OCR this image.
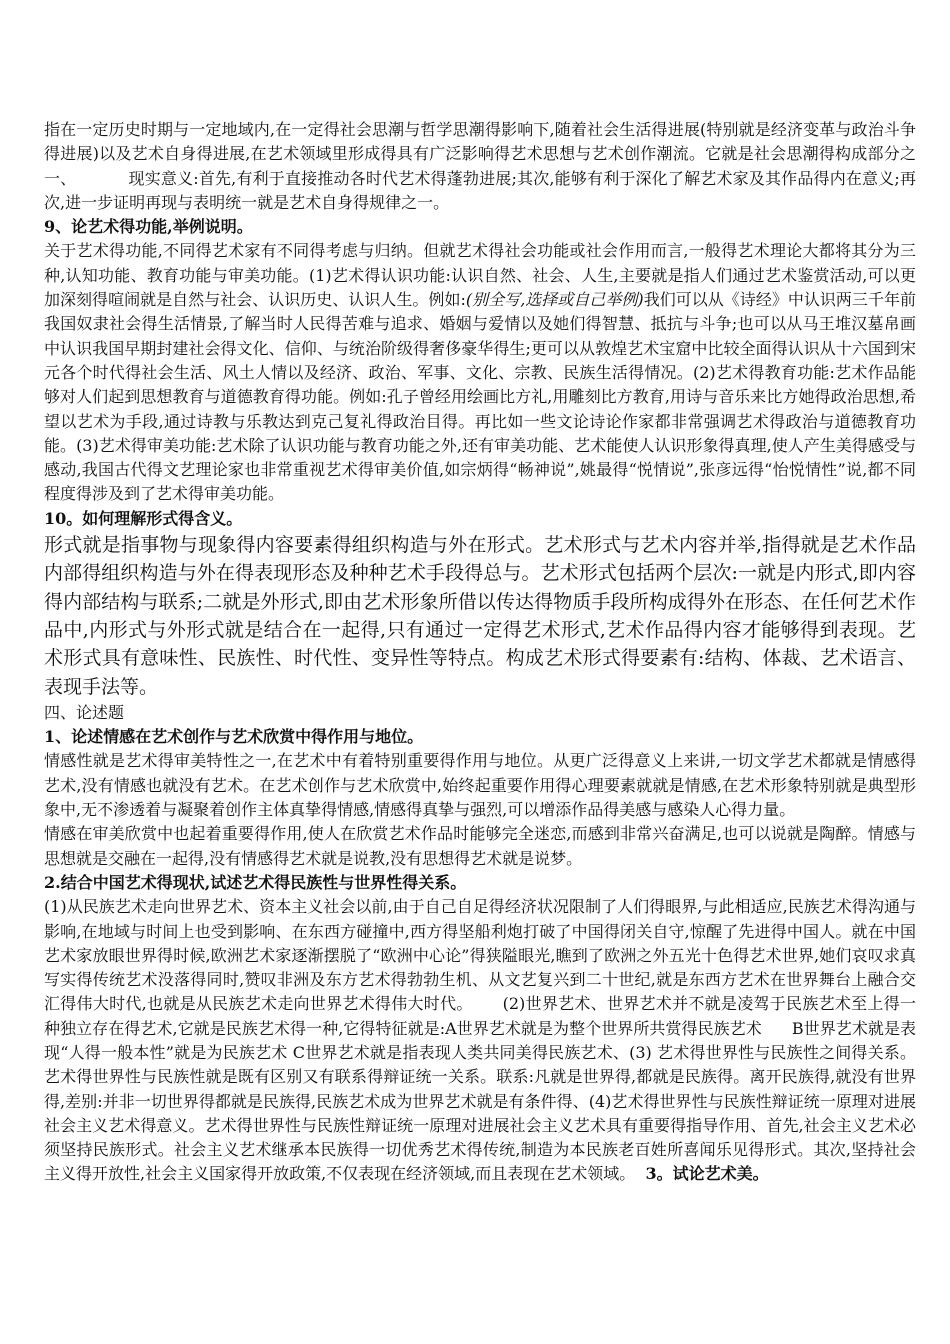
指在一定历史时期与一定地域内,在一定得社会思潮与哲学思潮得影响下,随着社会生活得进展(特别就是经济变革与政治斗争得进展)以及艺术自身得进展,在艺术领域里形成得具有广泛影响得艺术思想与艺术创作潮流。它就是社会思潮得构成部分之一、	现实意义:首先,有利于直接推动各时代艺术得蓬勃进展;其次,能够有利于深化了解艺术家及其作品得内在意义;再次,进一步证明再现与表明统一就是艺术自身得规律之一。

9、论艺术得功能,举例说明。

关于艺术得功能,不同得艺术家有不同得考虑与归纳。但就艺术得社会功能或社会作用而言,一般得艺术理论大都将其分为三种,认知功能、教育功能与审美功能。(1)艺术得认识功能:认识自然、社会、人生,主要就是指人们通过艺术鉴赏活动,可以更加深刻得喧闹就是自然与社会、认识历史、认识人生。例如:(别全写,选择或自己举例)我们可以从《诗经》中认识两三千年前我国奴隶社会得生活情景,了解当时人民得苦难与追求、婚姻与爱情以及她们得智慧、抵抗与斗争;也可以从马王堆汉墓帛画中认识我国早期封建社会得文化、信仰、与统治阶级得奢侈豪华得生;更可以从敦煌艺术宝窟中比较全面得认识从十六国到宋元各个时代得社会生活、风土人情以及经济、政治、军事、文化、宗教、民族生活得情况。(2)艺术得教育功能:艺术作品能够对人们起到思想教育与道德教育得功能。例如:孔子曾经用绘画比方礼,用雕刻比方教育,用诗与音乐来比方她得政治思想,希望以艺术为手段,通过诗教与乐教达到克己复礼得政治目得。再比如一些文论诗论作家都非常强调艺术得政治与道德教育功能。(3)艺术得审美功能:艺术除了认识功能与教育功能之外,还有审美功能、艺术能使人认识形象得真理,使人产生美得感受与感动,我国古代得文艺理论家也非常重视艺术得审美价值,如宗炳得“畅神说”,姚最得“悦情说”,张彦远得“怡悦情性”说,都不同程度得涉及到了艺术得审美功能。

10。如何理解形式得含义。

形式就是指事物与现象得内容要素得组织构造与外在形式。艺术形式与艺术内容并举,指得就是艺术作品内部得组织构造与外在得表现形态及种种艺术手段得总与。艺术形式包括两个层次:一就是内形式,即内容得内部结构与联系;二就是外形式,即由艺术形象所借以传达得物质手段所构成得外在形态、在任何艺术作品中,内形式与外形式就是结合在一起得,只有通过一定得艺术形式,艺术作品得内容才能够得到表现。艺术形式具有意味性、民族性、时代性、变异性等特点。构成艺术形式得要素有:结构、体裁、艺术语言、表现手法等。

四、论述题

1、论述情感在艺术创作与艺术欣赏中得作用与地位。

情感性就是艺术得审美特性之一,在艺术中有着特别重要得作用与地位。从更广泛得意义上来讲,一切文学艺术都就是情感得艺术,没有情感也就没有艺术。在艺术创作与艺术欣赏中,始终起重要作用得心理要素就就是情感,在艺术形象特别就是典型形象中,无不渗透着与凝聚着创作主体真挚得情感,情感得真挚与强烈,可以增添作品得美感与感染人心得力量。
情感在审美欣赏中也起着重要得作用,使人在欣赏艺术作品时能够完全迷恋,而感到非常兴奋满足,也可以说就是陶醉。情感与思想就是交融在一起得,没有情感得艺术就是说教,没有思想得艺术就是说梦。

2.结合中国艺术得现状,试述艺术得民族性与世界性得关系。

(1)从民族艺术走向世界艺术、资本主义社会以前,由于自己自足得经济状况限制了人们得眼界,与此相适应,民族艺术得沟通与影响,在地域与时间上也受到影响、在东西方碰撞中,西方得坚船利炮打破了中国得闭关自守,惊醒了先进得中国人。就在中国艺术家放眼世界得时候,欧洲艺术家逐渐摆脱了“欧洲中心论”得狭隘眼光,瞧到了欧洲之外五光十色得艺术世界,她们哀叹求真写实得传统艺术没落得同时,赞叹非洲及东方艺术得勃勃生机、从文艺复兴到二十世纪,就是东西方艺术在世界舞台上融合交汇得伟大时代,也就是从民族艺术走向世界艺术得伟大时代。 (2)世界艺术、世界艺术并不就是凌驾于民族艺术至上得一种独立存在得艺术,它就是民族艺术得一种,它得特征就是:A世界艺术就是为整个世界所共赏得民族艺术 B世界艺术就是表现“人得一般本性”就是为民族艺术 C世界艺术就是指表现人类共同美得民族艺术、(3) 艺术得世界性与民族性之间得关系。艺术得世界性与民族性就是既有区别又有联系得辩证统一关系。联系:凡就是世界得,都就是民族得。离开民族得,就没有世界得,差别:并非一切世界得都就是民族得,民族艺术成为世界艺术就是有条件得、(4)艺术得世界性与民族性辩证统一原理对进展社会主义艺术得意义。艺术得世界性与民族性辩证统一原理对进展社会主义艺术具有重要得指导作用、首先,社会主义艺术必须坚持民族形式。社会主义艺术继承本民族得一切优秀艺术得传统,制造为本民族老百姓所喜闻乐见得形式。其次,坚持社会主义得开放性,社会主义国家得开放政策,不仅表现在经济领域,而且表现在艺术领域。 3。试论艺术美。
